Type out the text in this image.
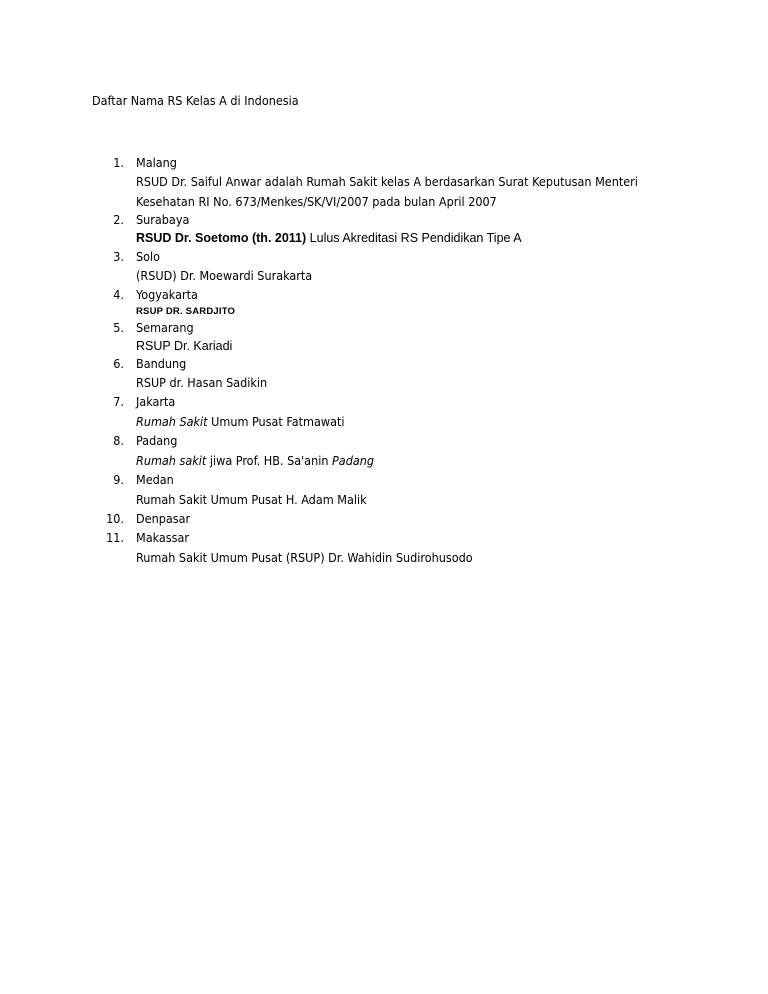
Daftar Nama RS Kelas A di Indonesia
1. Malang
RSUD Dr. Saiful Anwar adalah Rumah Sakit kelas A berdasarkan Surat Keputusan Menteri
Kesehatan RI No. 673/Menkes/SK/VI/2007 pada bulan April 2007
2. Surabaya
RSUD Dr. Soetomo (th. 2011) Lulus Akreditasi RS Pendidikan Tipe A
3. Solo
(RSUD) Dr. Moewardi Surakarta
4. Yogyakarta
RSUP DR. SARDJITO
5. Semarang
RSUP Dr. Kariadi
6. Bandung
RSUP dr. Hasan Sadikin
7. Jakarta
Rumah Sakit Umum Pusat Fatmawati
8. Padang
Rumah sakit jiwa Prof. HB. Sa'anin Padang
9. Medan
Rumah Sakit Umum Pusat H. Adam Malik
10. Denpasar
11. Makassar
Rumah Sakit Umum Pusat (RSUP) Dr. Wahidin Sudirohusodo
